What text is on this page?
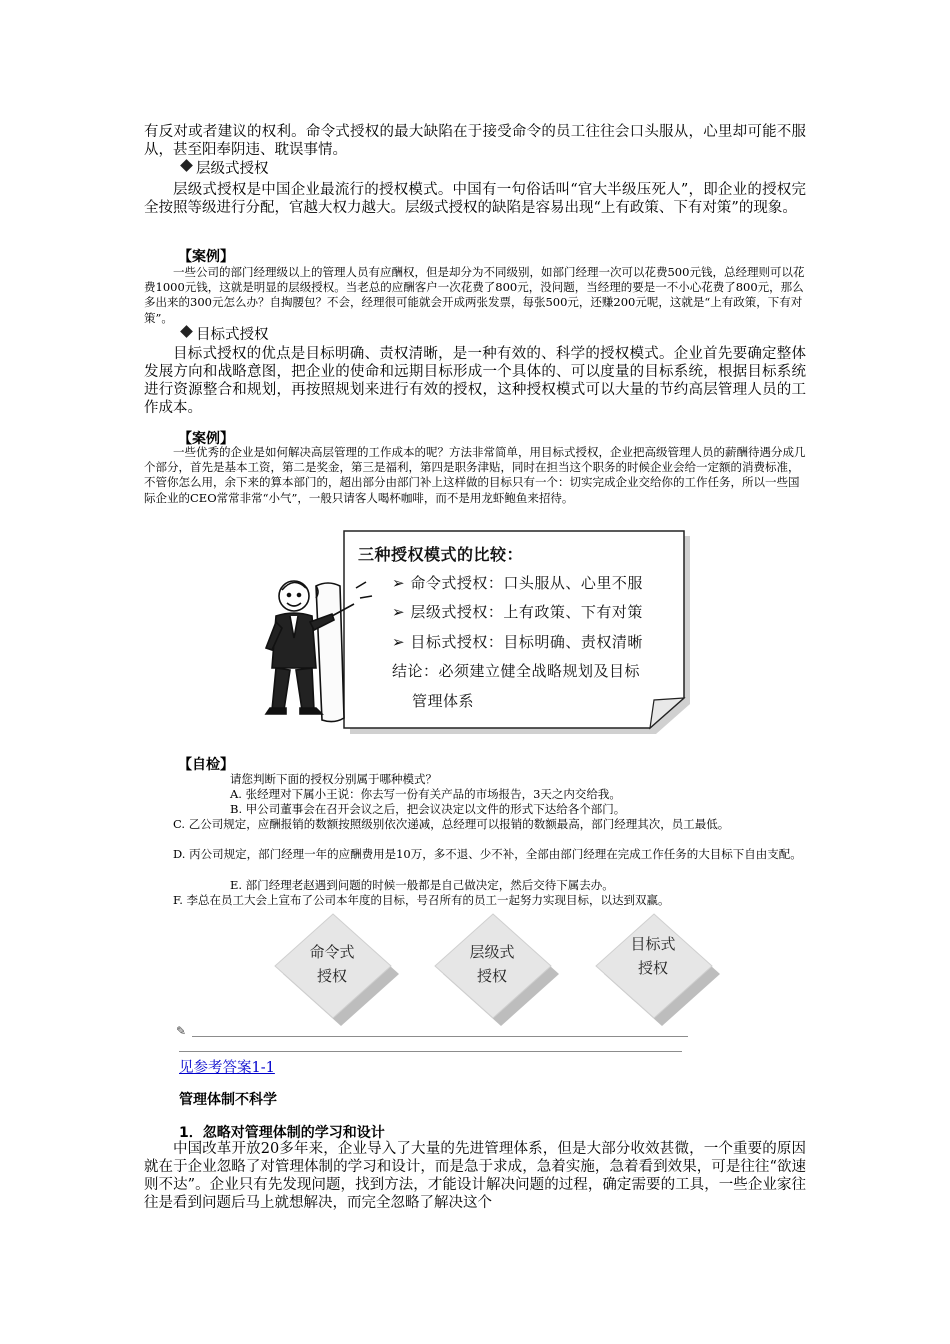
有反对或者建议的权利。命令式授权的最大缺陷在于接受命令的员工往往会口头服从，心里却可能不服从，甚至阳奉阴违、耽误事情。

层级式授权

层级式授权是中国企业最流行的授权模式。中国有一句俗话叫“官大半级压死人”，即企业的授权完全按照等级进行分配，官越大权力越大。层级式授权的缺陷是容易出现“上有政策、下有对策”的现象。

【案例】

一些公司的部门经理级以上的管理人员有应酬权，但是却分为不同级别，如部门经理一次可以花费500元钱，总经理则可以花费1000元钱，这就是明显的层级授权。当老总的应酬客户一次花费了800元，没问题，当经理的要是一不小心花费了800元，那么多出来的300元怎么办？自掏腰包？不会，经理很可能就会开成两张发票，每张500元，还赚200元呢，这就是“上有政策，下有对策”。

目标式授权

目标式授权的优点是目标明确、责权清晰，是一种有效的、科学的授权模式。企业首先要确定整体发展方向和战略意图，把企业的使命和远期目标形成一个具体的、可以度量的目标系统，根据目标系统进行资源整合和规划，再按照规划来进行有效的授权，这种授权模式可以大量的节约高层管理人员的工作成本。

【案例】

一些优秀的企业是如何解决高层管理的工作成本的呢？方法非常简单，用目标式授权，企业把高级管理人员的薪酬待遇分成几个部分，首先是基本工资，第二是奖金，第三是福利，第四是职务津贴，同时在担当这个职务的时候企业会给一定额的消费标准，不管你怎么用，余下来的算本部门的，超出部分由部门补上这样做的目标只有一个：切实完成企业交给你的工作任务，所以一些国际企业的CEO常常非常“小气”，一般只请客人喝杯咖啡，而不是用龙虾鲍鱼来招待。

三种授权模式的比较：
➢ 命令式授权：口头服从、心里不服
➢ 层级式授权：上有政策、下有对策
➢ 目标式授权：目标明确、责权清晰
结论：必须建立健全战略规划及目标
管理体系
【自检】

请您判断下面的授权分别属于哪种模式？

A. 张经理对下属小王说：你去写一份有关产品的市场报告，3天之内交给我。

B. 甲公司董事会在召开会议之后，把会议决定以文件的形式下达给各个部门。

C. 乙公司规定，应酬报销的数额按照级别依次递减，总经理可以报销的数额最高，部门经理其次，员工最低。

D. 丙公司规定，部门经理一年的应酬费用是10万，多不退、少不补，全部由部门经理在完成工作任务的大目标下自由支配。

E. 部门经理老赵遇到问题的时候一般都是自己做决定，然后交待下属去办。

F. 李总在员工大会上宣布了公司本年度的目标，号召所有的员工一起努力实现目标，以达到双赢。

命令式
授权
层级式
授权
目标式
授权
✎
见参考答案1-1
管理体制不科学
1．忽略对管理体制的学习和设计

中国改革开放20多年来，企业导入了大量的先进管理体系，但是大部分收效甚微，一个重要的原因就在于企业忽略了对管理体制的学习和设计，而是急于求成，急着实施，急着看到效果，可是往往“欲速则不达”。企业只有先发现问题，找到方法，才能设计解决问题的过程，确定需要的工具，一些企业家往往是看到问题后马上就想解决，而完全忽略了解决这个
